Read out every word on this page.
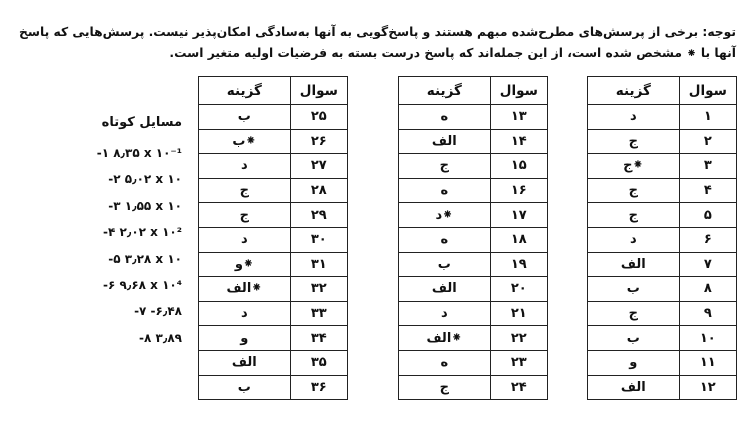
توجه: برخی از پرسش‌های مطرح‌شده مبهم هستند و پاسخ‌گویی به آنها به‌سادگی امکان‌پذیر نیست. پرسش‌هایی که پاسخ آنها با ⁕ مشخص شده است، از این جمله‌اند که پاسخ درست بسته به فرضیات اولیه متغیر است.
سوال	گزینه
۱	د
۲	ج
۳	⁕ج
۴	ج
۵	ج
۶	د
۷	الف
۸	ب
۹	ج
۱۰	ب
۱۱	و
۱۲	الف
سوال	گزینه
۱۳	ه
۱۴	الف
۱۵	ج
۱۶	ه
۱۷	⁕د
۱۸	ه
۱۹	ب
۲۰	الف
۲۱	د
۲۲	⁕الف
۲۳	ه
۲۴	ج
سوال	گزینه
۲۵	ب
۲۶	⁕ب
۲۷	د
۲۸	ج
۲۹	ج
۳۰	د
۳۱	⁕و
۳۲	⁕الف
۳۳	د
۳۴	و
۳۵	الف
۳۶	ب
مسایل کوتاه
-۱ ۸٫۳۵ x ۱۰⁻¹
-۲ ۵٫۰۲ x ۱۰
-۳ ۱٫۵۵ x ۱۰
-۴ ۲٫۰۲ x ۱۰²
-۵ ۳٫۲۸ x ۱۰
-۶ ۹٫۶۸ x ۱۰⁴
-۷ -۶٫۴۸
-۸ ۳٫۸۹
